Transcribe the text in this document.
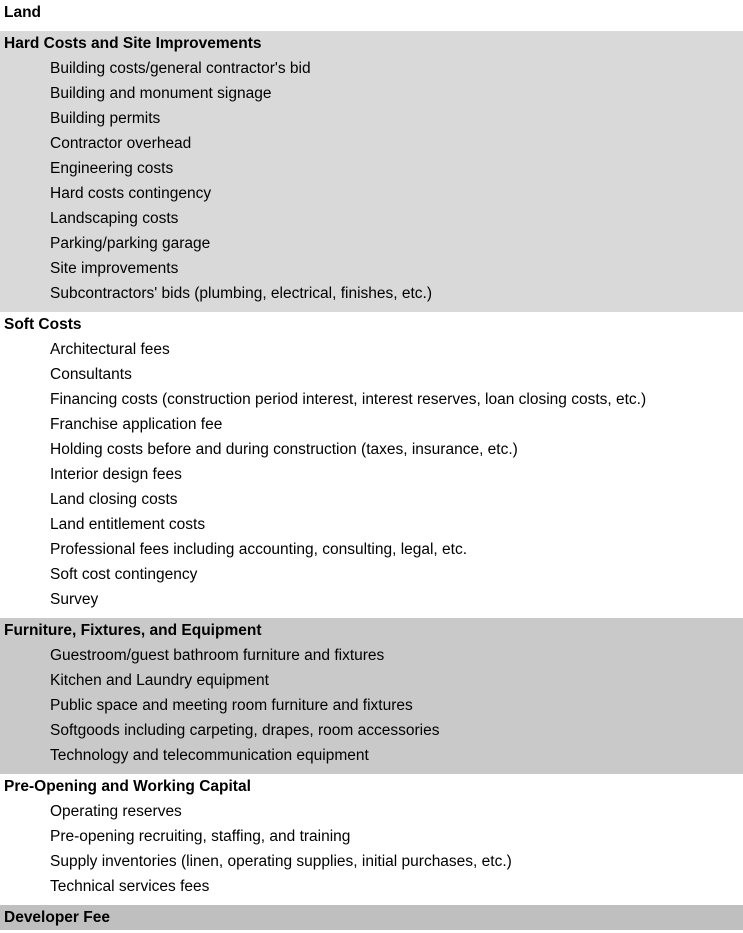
Land
Hard Costs and Site Improvements
Building costs/general contractor's bid
Building and monument signage
Building permits
Contractor overhead
Engineering costs
Hard costs contingency
Landscaping costs
Parking/parking garage
Site improvements
Subcontractors' bids (plumbing, electrical, finishes, etc.)
Soft Costs
Architectural fees
Consultants
Financing costs (construction period interest, interest reserves, loan closing costs, etc.)
Franchise application fee
Holding costs before and during construction (taxes, insurance, etc.)
Interior design fees
Land closing costs
Land entitlement costs
Professional fees including accounting, consulting, legal, etc.
Soft cost contingency
Survey
Furniture, Fixtures, and Equipment
Guestroom/guest bathroom furniture and fixtures
Kitchen and Laundry equipment
Public space and meeting room furniture and fixtures
Softgoods including carpeting, drapes, room accessories
Technology and telecommunication equipment
Pre-Opening and Working Capital
Operating reserves
Pre-opening recruiting, staffing, and training
Supply inventories (linen, operating supplies, initial purchases, etc.)
Technical services fees
Developer Fee
